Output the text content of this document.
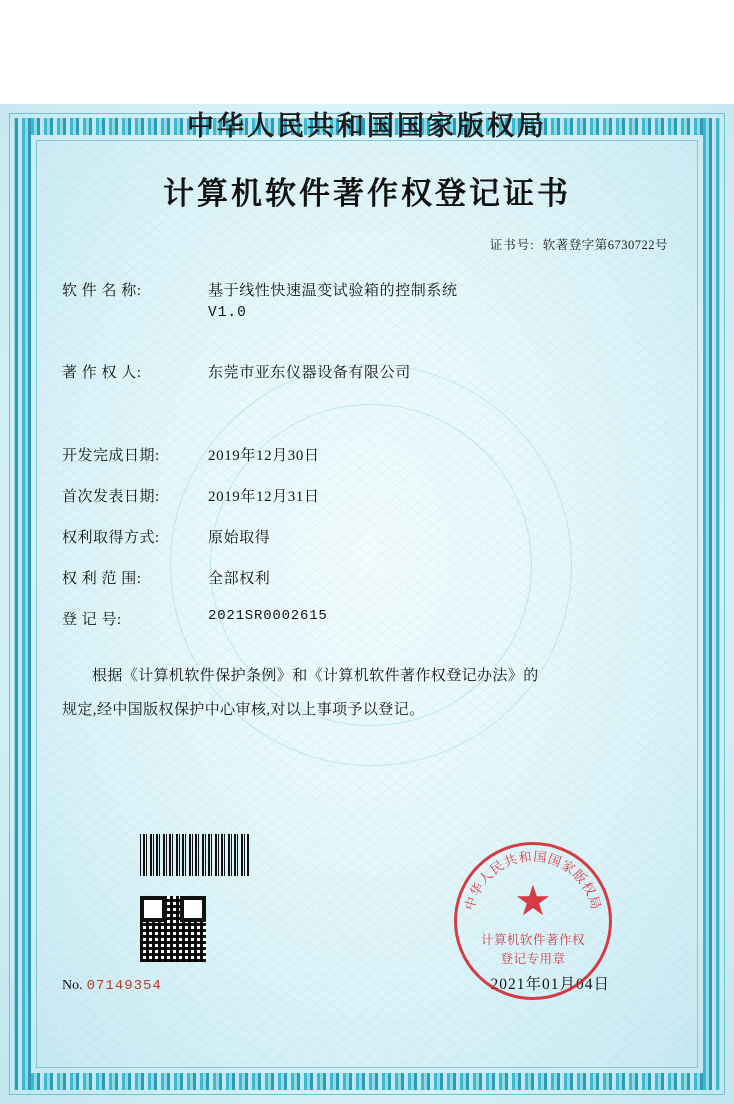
中华人民共和国国家版权局
计算机软件著作权登记证书
证书号: 软著登字第6730722号
软 件 名 称:	基于线性快速温变试验箱的控制系统
V1.0
著 作 权 人:	东莞市亚东仪器设备有限公司
开发完成日期:	2019年12月30日
首次发表日期:	2019年12月31日
权利取得方式:	原始取得
权 利 范 围:	全部权利
登 记 号:	2021SR0002615
根据《计算机软件保护条例》和《计算机软件著作权登记办法》的
规定,经中国版权保护中心审核,对以上事项予以登记。
中华人民共和国国家版权局
★
计算机软件著作权
登记专用章
No. 07149354	2021年01月04日
